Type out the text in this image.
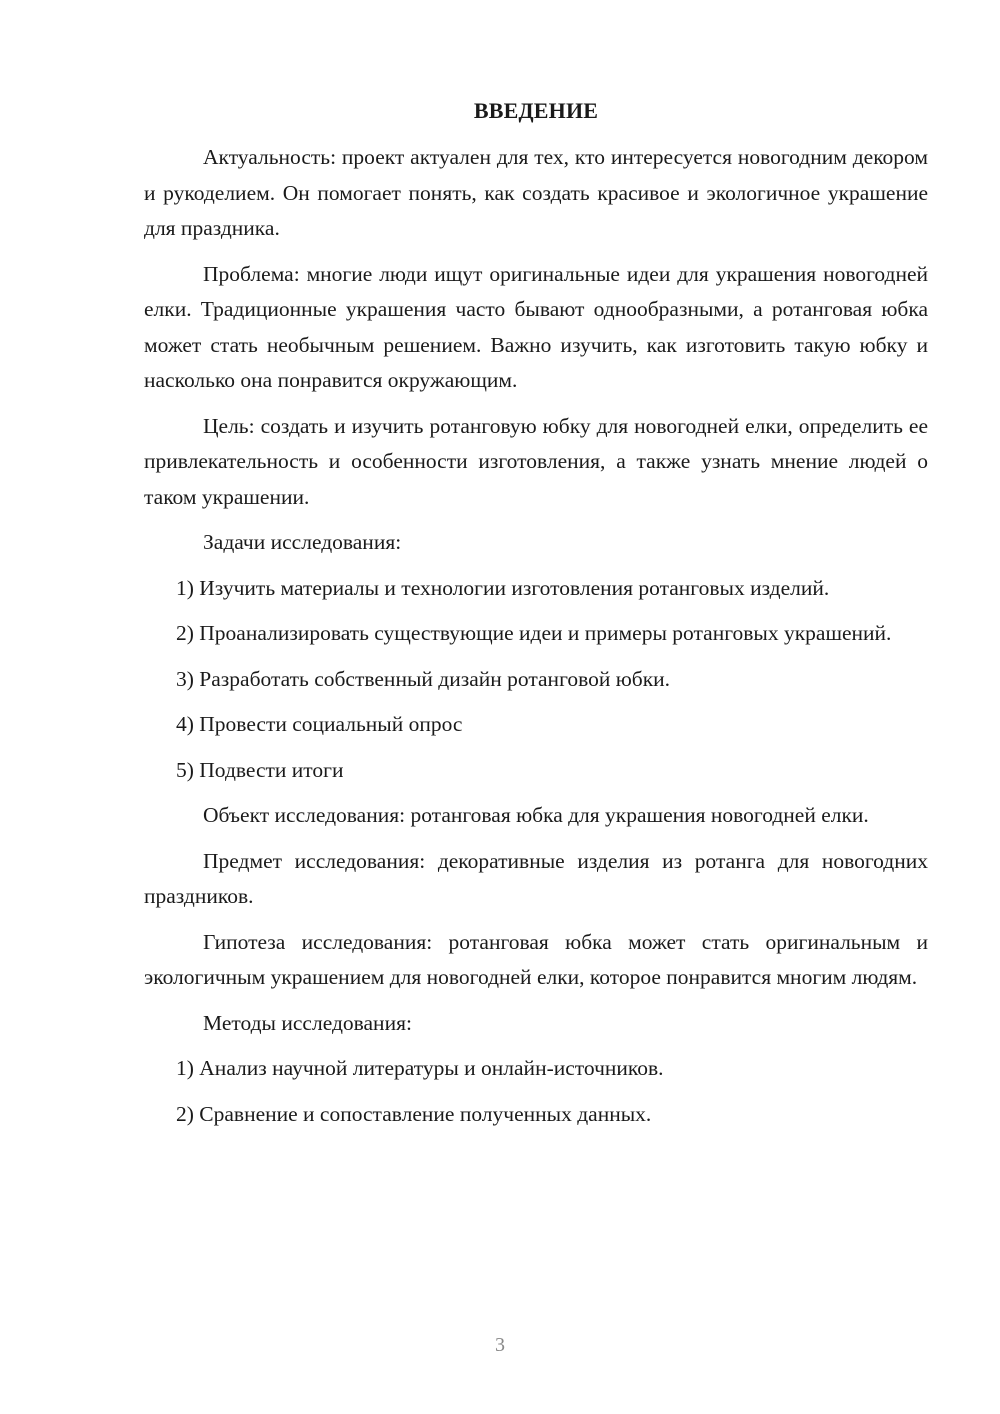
ВВЕДЕНИЕ
Актуальность: проект актуален для тех, кто интересуется новогодним декором и рукоделием. Он помогает понять, как создать красивое и экологичное украшение для праздника.
Проблема: многие люди ищут оригинальные идеи для украшения новогодней елки. Традиционные украшения часто бывают однообразными, а ротанговая юбка может стать необычным решением. Важно изучить, как изготовить такую юбку и насколько она понравится окружающим.
Цель: создать и изучить ротанговую юбку для новогодней елки, определить ее привлекательность и особенности изготовления, а также узнать мнение людей о таком украшении.
Задачи исследования:
1) Изучить материалы и технологии изготовления ротанговых изделий.
2) Проанализировать существующие идеи и примеры ротанговых украшений.
3) Разработать собственный дизайн ротанговой юбки.
4) Провести социальный опрос
5) Подвести итоги
Объект исследования: ротанговая юбка для украшения новогодней елки.
Предмет исследования: декоративные изделия из ротанга для новогодних праздников.
Гипотеза исследования: ротанговая юбка может стать оригинальным и экологичным украшением для новогодней елки, которое понравится многим людям.
Методы исследования:
1) Анализ научной литературы и онлайн-источников.
2) Сравнение и сопоставление полученных данных.
3
